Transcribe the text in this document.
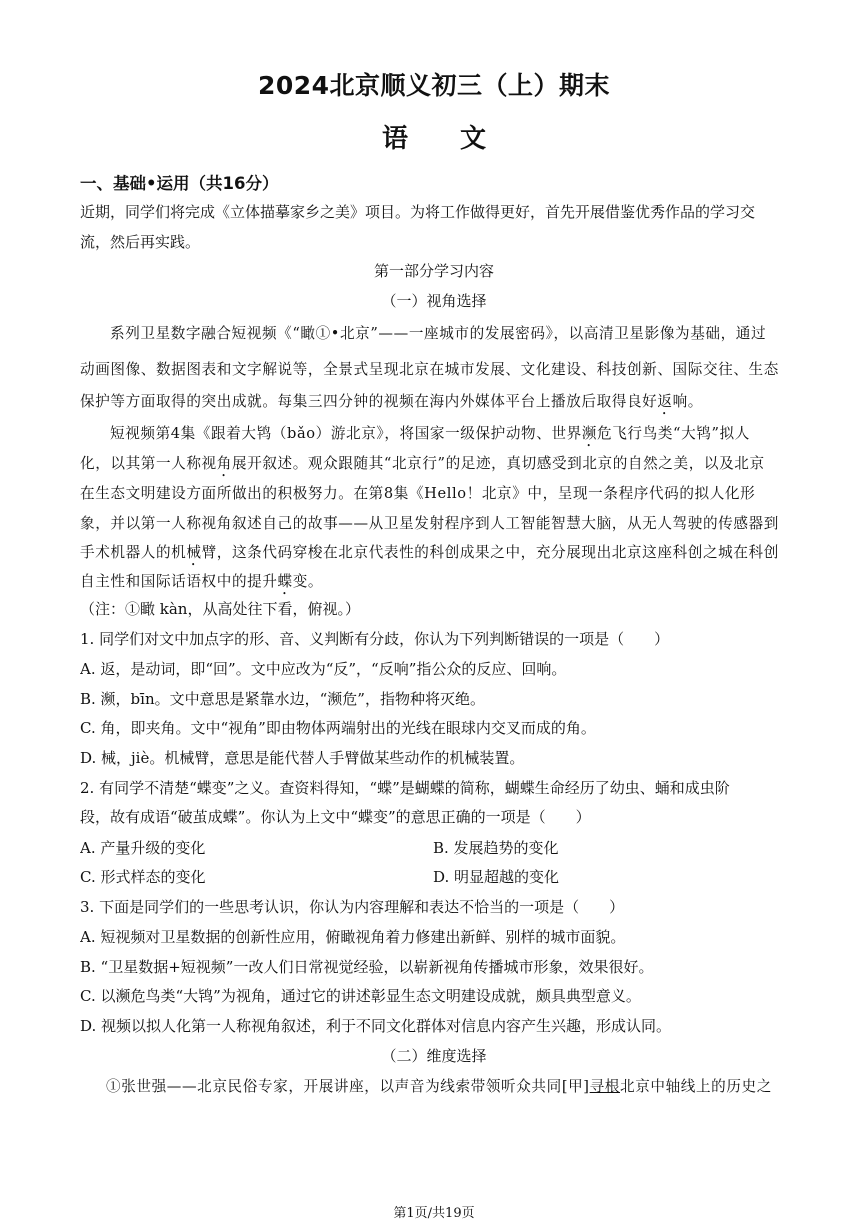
2024北京顺义初三（上）期末
语文
一、基础•运用（共16分）
近期，同学们将完成《立体描摹家乡之美》项目。为将工作做得更好，首先开展借鉴优秀作品的学习交
流，然后再实践。
第一部分学习内容
（一）视角选择
系列卫星数字融合短视频《“瞰①•北京”——一座城市的发展密码》，以高清卫星影像为基础，通过
动画图像、数据图表和文字解说等，全景式呈现北京在城市发展、文化建设、科技创新、国际交往、生态
保护等方面取得的突出成就。每集三四分钟的视频在海内外媒体平台上播放后取得良好返响。
短视频第4集《跟着大鸨（bǎo）游北京》，将国家一级保护动物、世界濒危飞行鸟类“大鸨”拟人
化，以其第一人称视角展开叙述。观众跟随其“北京行”的足迹，真切感受到北京的自然之美，以及北京
在生态文明建设方面所做出的积极努力。在第8集《Hello！北京》中，呈现一条程序代码的拟人化形
象，并以第一人称视角叙述自己的故事——从卫星发射程序到人工智能智慧大脑，从无人驾驶的传感器到
手术机器人的机械臂，这条代码穿梭在北京代表性的科创成果之中，充分展现出北京这座科创之城在科创
自主性和国际话语权中的提升蝶变。
（注：①瞰 kàn，从高处往下看，俯视。）
1. 同学们对文中加点字的形、音、义判断有分歧，你认为下列判断错误的一项是（　　）
A. 返，是动词，即“回”。文中应改为“反”，“反响”指公众的反应、回响。
B. 濒，bīn。文中意思是紧靠水边，“濒危”，指物种将灭绝。
C. 角，即夹角。文中“视角”即由物体两端射出的光线在眼球内交叉而成的角。
D. 械，jiè。机械臂，意思是能代替人手臂做某些动作的机械装置。
2. 有同学不清楚“蝶变”之义。查资料得知，“蝶”是蝴蝶的简称，蝴蝶生命经历了幼虫、蛹和成虫阶
段，故有成语“破茧成蝶”。你认为上文中“蝶变”的意思正确的一项是（　　）
A. 产量升级的变化	B. 发展趋势的变化
C. 形式样态的变化	D. 明显超越的变化
3. 下面是同学们的一些思考认识，你认为内容理解和表达不恰当的一项是（　　）
A. 短视频对卫星数据的创新性应用，俯瞰视角着力修建出新鲜、别样的城市面貌。
B. “卫星数据+短视频”一改人们日常视觉经验，以崭新视角传播城市形象，效果很好。
C. 以濒危鸟类“大鸨”为视角，通过它的讲述彰显生态文明建设成就，颇具典型意义。
D. 视频以拟人化第一人称视角叙述，利于不同文化群体对信息内容产生兴趣，形成认同。
（二）维度选择
①张世强——北京民俗专家，开展讲座，以声音为线索带领听众共同[甲]寻根北京中轴线上的历史之
第1页/共19页
